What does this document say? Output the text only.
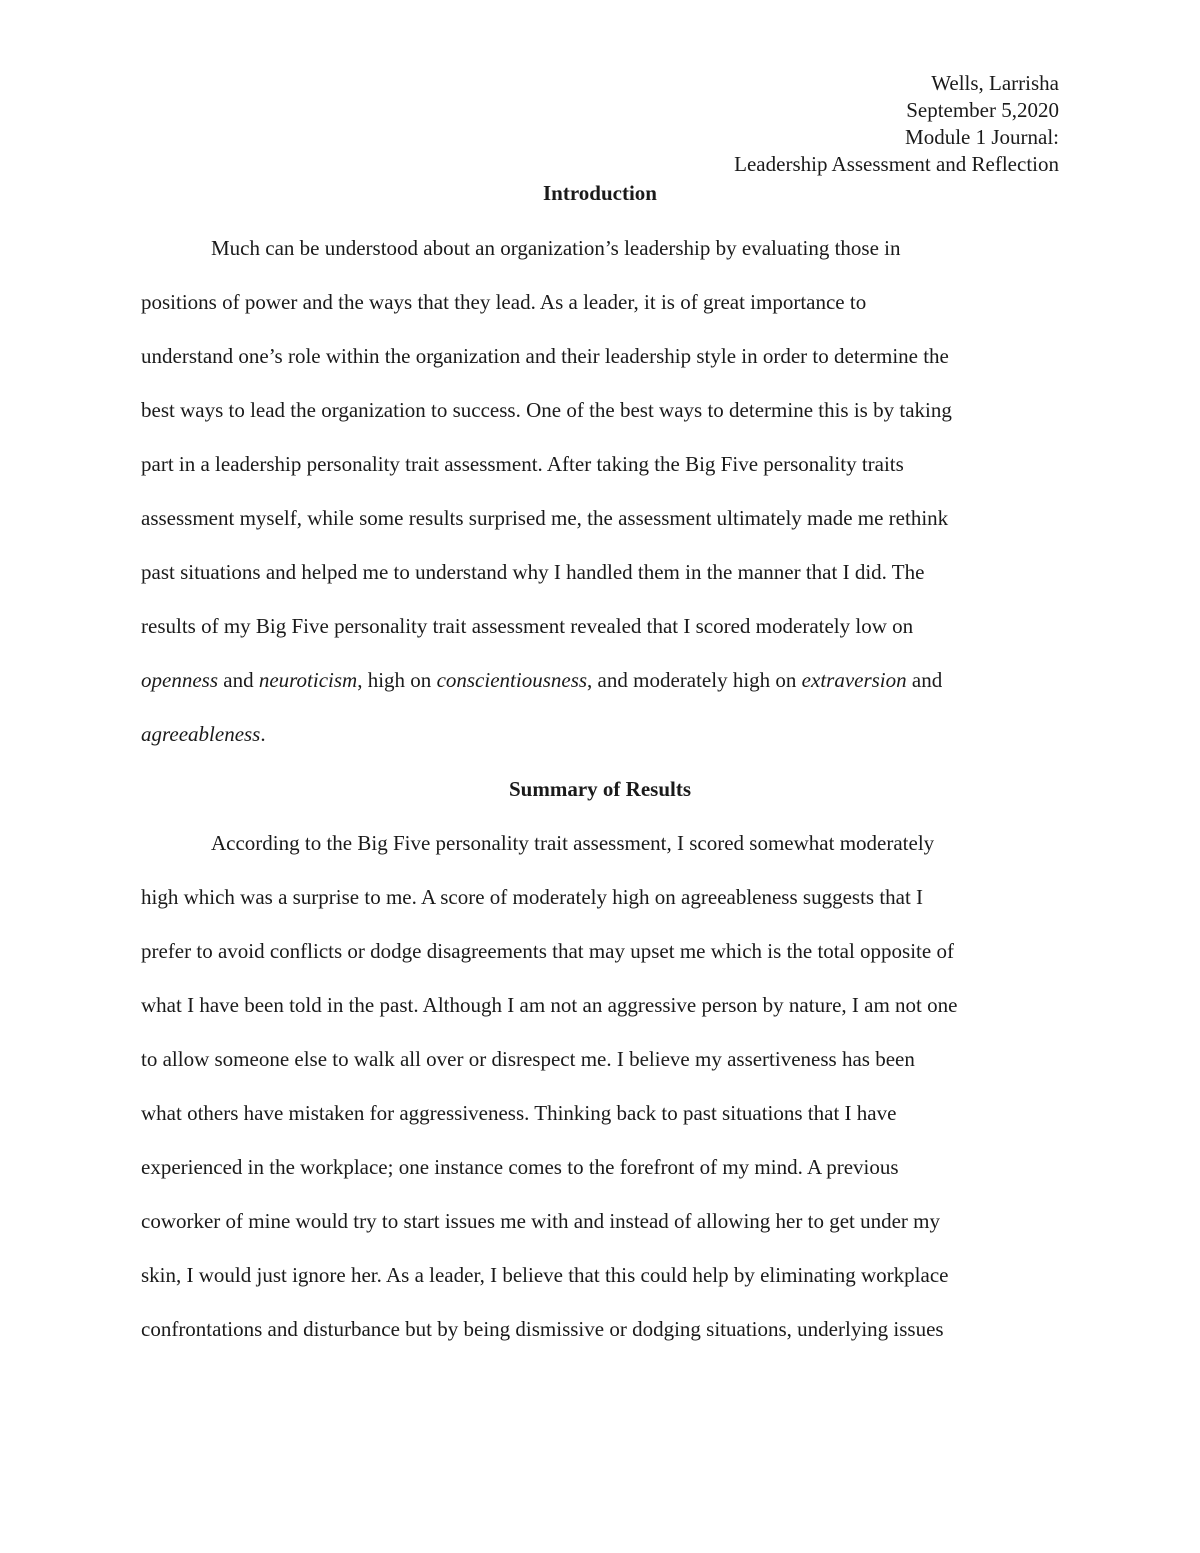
Wells, Larrisha
September 5,2020
Module 1 Journal:
Leadership Assessment and Reflection
Introduction
Much can be understood about an organization’s leadership by evaluating those in
positions of power and the ways that they lead. As a leader, it is of great importance to
understand one’s role within the organization and their leadership style in order to determine the
best ways to lead the organization to success. One of the best ways to determine this is by taking
part in a leadership personality trait assessment. After taking the Big Five personality traits
assessment myself, while some results surprised me, the assessment ultimately made me rethink
past situations and helped me to understand why I handled them in the manner that I did. The
results of my Big Five personality trait assessment revealed that I scored moderately low on
openness and neuroticism, high on conscientiousness, and moderately high on extraversion and
agreeableness.
Summary of Results
According to the Big Five personality trait assessment, I scored somewhat moderately
high which was a surprise to me. A score of moderately high on agreeableness suggests that I
prefer to avoid conflicts or dodge disagreements that may upset me which is the total opposite of
what I have been told in the past. Although I am not an aggressive person by nature, I am not one
to allow someone else to walk all over or disrespect me. I believe my assertiveness has been
what others have mistaken for aggressiveness. Thinking back to past situations that I have
experienced in the workplace; one instance comes to the forefront of my mind. A previous
coworker of mine would try to start issues me with and instead of allowing her to get under my
skin, I would just ignore her. As a leader, I believe that this could help by eliminating workplace
confrontations and disturbance but by being dismissive or dodging situations, underlying issues
